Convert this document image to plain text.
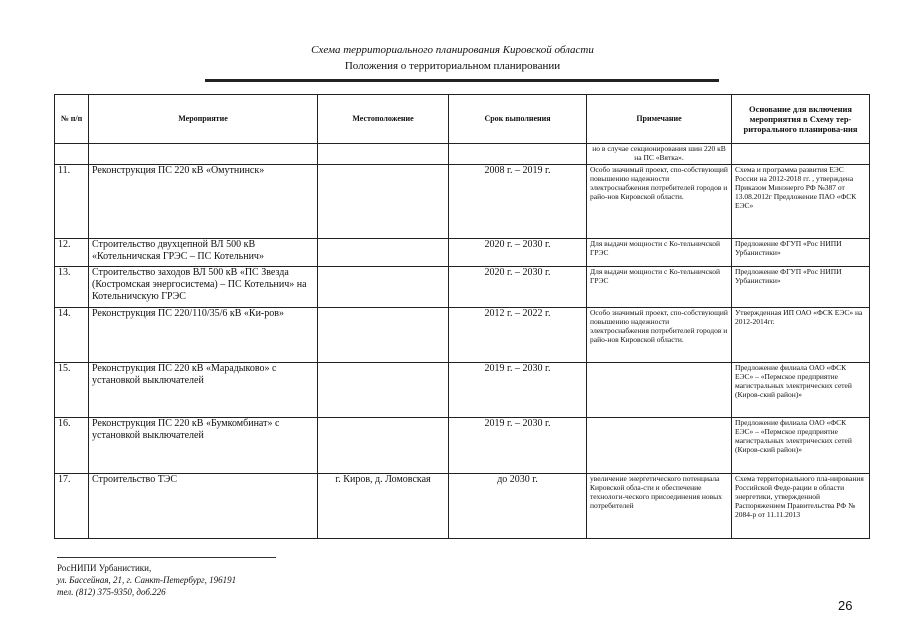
Схема территориального планирования Кировской области
Положения о территориальном планировании
№ п/п	Мероприятие	Местоположение	Срок выполнения	Примечание	Основание для включения мероприятия в Схему тер-риторального планирова-ния
				но в случае секционирования шин 220 кВ на ПС «Вятка».	
11.	Реконструкция ПС 220 кВ «Омутнинск»		2008 г. – 2019 г.	Особо значимый проект, спо-собствующий повышению надежности электроснабжения потребителей городов и райо-нов Кировской области.	Схема и программа развития ЕЭС России на 2012-2018 гг. , утверждена Приказом Минэнерго РФ №387 от 13.08.2012г Предложение ПАО «ФСК ЕЭС»
12.	Строительство двухцепной ВЛ 500 кВ «Котельничская ГРЭС – ПС Котельнич»		2020 г. – 2030 г.	Для выдачи мощности с Ко-тельничской ГРЭС	Предложение ФГУП «Рос НИПИ Урбанистики»
13.	Строительство заходов ВЛ 500 кВ «ПС Звезда (Костромская энергосистема) – ПС Котельнич» на Котельничскую ГРЭС		2020 г. – 2030 г.	Для выдачи мощности с Ко-тельничской ГРЭС	Предложение ФГУП «Рос НИПИ Урбанистики»
14.	Реконструкция ПС 220/110/35/6 кВ «Ки-ров»		2012 г. – 2022 г.	Особо значимый проект, спо-собствующий повышению надежности электроснабжения потребителей городов и райо-нов Кировской области.	Утвержденная ИП ОАО «ФСК ЕЭС» на 2012-2014гг.
15.	Реконструкция ПС 220 кВ «Марадыково» с установкой выключателей		2019 г. – 2030 г.		Предложение филиала ОАО «ФСК ЕЭС» – «Пермское предприятие магистральных электрических сетей (Киров-ский район)»
16.	Реконструкция ПС 220 кВ «Бумкомбинат» с установкой выключателей		2019 г. – 2030 г.		Предложение филиала ОАО «ФСК ЕЭС» – «Пермское предприятие магистральных электрических сетей (Киров-ский район)»
17.	Строительство ТЭС	г. Киров, д. Ломовская	до 2030 г.	увеличение энергетического потенциала Кировской обла-сти и обеспечение технологи-ческого присоединения новых потребителей	Схема территориального пла-нирования Российской Феде-рации в области энергетики, утвержденной Распоряжением Правительства РФ № 2084-р от 11.11.2013
РосНИПИ Урбанистики,
ул. Бассейная, 21, г. Санкт-Петербург, 196191
тел. (812) 375-9350, доб.226
26
